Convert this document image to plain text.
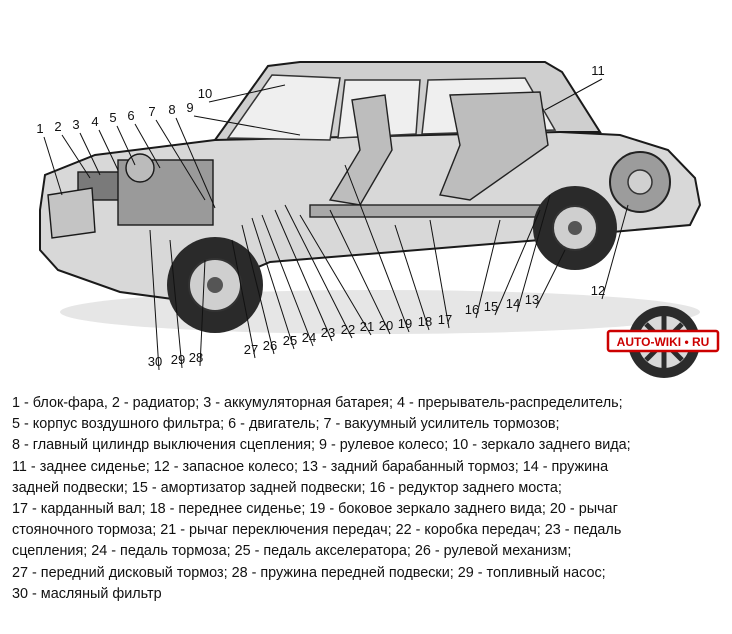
1 2 3 4 5 6 7 8 9
10
11
12
13
14
15
16
17
18
19
20
21
22
23
24
25
26
27
28
29
30
AUTO-WIKI • RU
1 - блок-фара, 2 - радиатор; 3 - аккумуляторная батарея; 4 - прерыватель-распределитель;
5 - корпус воздушного фильтра; 6 - двигатель; 7 - вакуумный усилитель тормозов;
8 - главный цилиндр выключения сцепления; 9 - рулевое колесо; 10 - зеркало заднего вида;
11 - заднее сиденье; 12 - запасное колесо; 13 - задний барабанный тормоз; 14 - пружина
задней подвески; 15 - амортизатор задней подвески; 16 - редуктор заднего моста;
17 - карданный вал; 18 - переднее сиденье; 19 - боковое зеркало заднего вида; 20 - рычаг
стояночного тормоза; 21 - рычаг переключения передач; 22 - коробка передач; 23 - педаль
сцепления; 24 - педаль тормоза; 25 - педаль акселератора; 26 - рулевой механизм;
27 - передний дисковый тормоз; 28 - пружина передней подвески; 29 - топливный насос;
30 - масляный фильтр
